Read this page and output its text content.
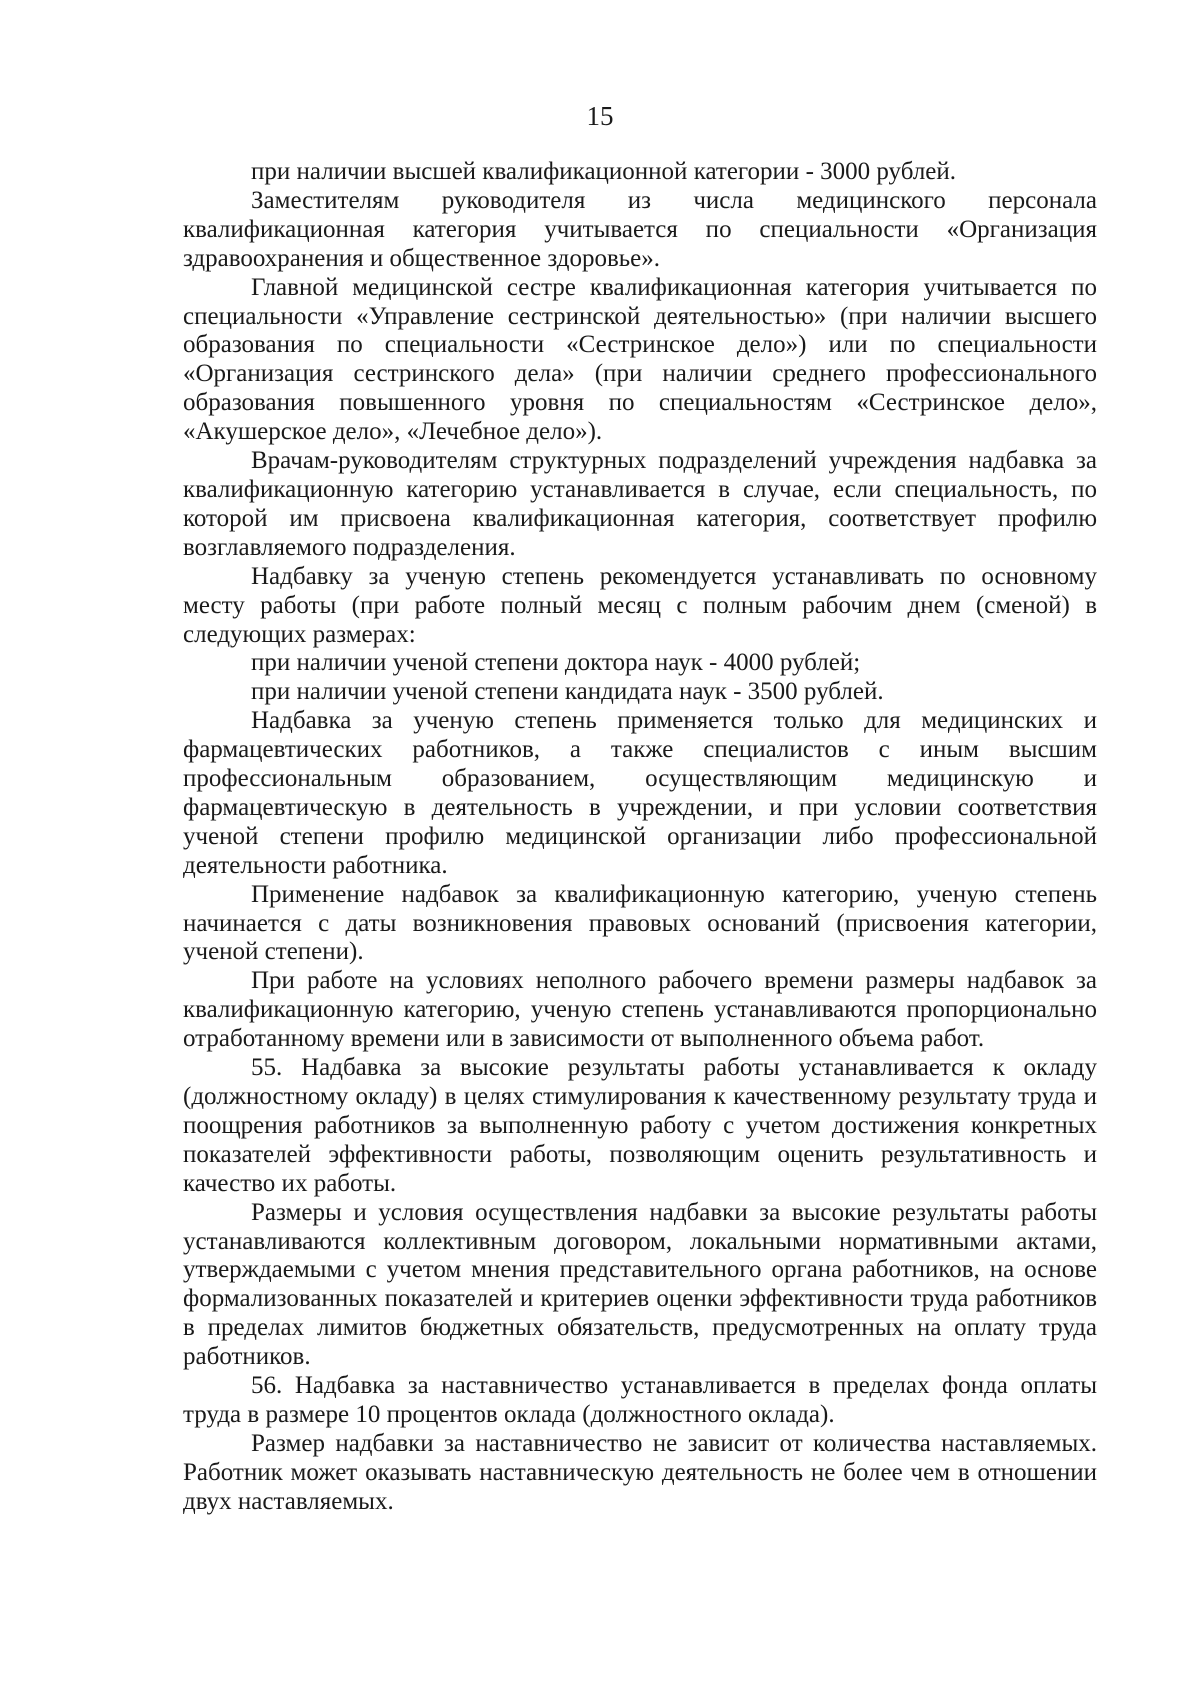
15

при наличии высшей квалификационной категории - 3000 рублей.

Заместителям руководителя из числа медицинского персонала квалификационная категория учитывается по специальности «Организация здравоохранения и общественное здоровье».

Главной медицинской сестре квалификационная категория учитывается по специальности «Управление сестринской деятельностью» (при наличии высшего образования по специальности «Сестринское дело») или по специальности «Организация сестринского дела» (при наличии среднего профессионального образования повышенного уровня по специальностям «Сестринское дело», «Акушерское дело», «Лечебное дело»).

Врачам-руководителям структурных подразделений учреждения надбавка за квалификационную категорию устанавливается в случае, если специальность, по которой им присвоена квалификационная категория, соответствует профилю возглавляемого подразделения.

Надбавку за ученую степень рекомендуется устанавливать по основному месту работы (при работе полный месяц с полным рабочим днем (сменой) в следующих размерах:

при наличии ученой степени доктора наук - 4000 рублей;

при наличии ученой степени кандидата наук - 3500 рублей.

Надбавка за ученую степень применяется только для медицинских и фармацевтических работников, а также специалистов с иным высшим профессиональным образованием, осуществляющим медицинскую и фармацевтическую в деятельность в учреждении, и при условии соответствия ученой степени профилю медицинской организации либо профессиональной деятельности работника.

Применение надбавок за квалификационную категорию, ученую степень начинается с даты возникновения правовых оснований (присвоения категории, ученой степени).

При работе на условиях неполного рабочего времени размеры надбавок за квалификационную категорию, ученую степень устанавливаются пропорционально отработанному времени или в зависимости от выполненного объема работ.

55. Надбавка за высокие результаты работы устанавливается к окладу (должностному окладу) в целях стимулирования к качественному результату труда и поощрения работников за выполненную работу с учетом достижения конкретных показателей эффективности работы, позволяющим оценить результативность и качество их работы.

Размеры и условия осуществления надбавки за высокие результаты работы устанавливаются коллективным договором, локальными нормативными актами, утверждаемыми с учетом мнения представительного органа работников, на основе формализованных показателей и критериев оценки эффективности труда работников в пределах лимитов бюджетных обязательств, предусмотренных на оплату труда работников.

56. Надбавка за наставничество устанавливается в пределах фонда оплаты труда в размере 10 процентов оклада (должностного оклада).

Размер надбавки за наставничество не зависит от количества наставляемых. Работник может оказывать наставническую деятельность не более чем в отношении двух наставляемых.
